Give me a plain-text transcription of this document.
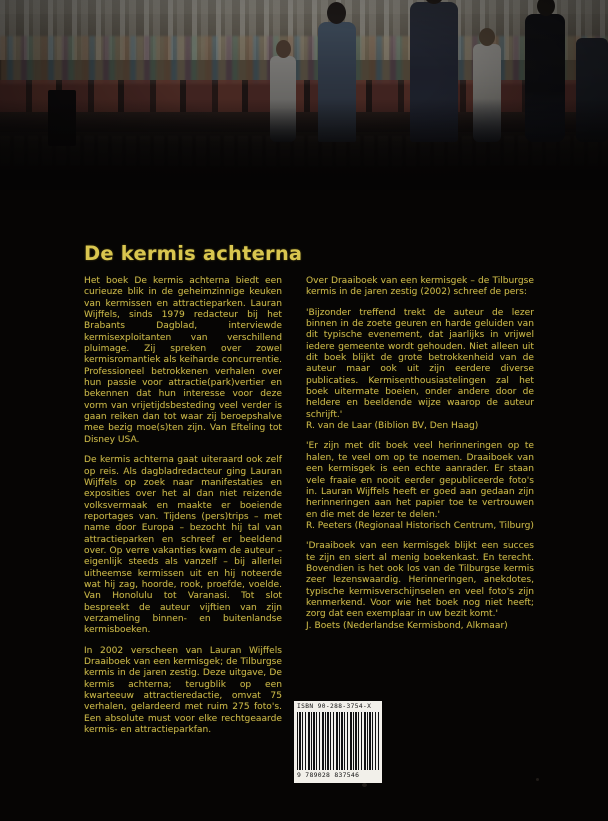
De kermis achterna

Het boek De kermis achterna biedt een curieuze blik in de geheimzinnige keuken van kermissen en attractieparken. Lauran Wijffels, sinds 1979 redacteur bij het Brabants Dagblad, interviewde kermisexploitanten van verschillend pluimage. Zij spreken over zowel kermisromantiek als keiharde concurrentie. Professioneel betrokkenen verhalen over hun passie voor attractie(park)vertier en bekennen dat hun interesse voor deze vorm van vrijetijdsbesteding veel verder is gaan reiken dan tot waar zij beroepshalve mee bezig moe(s)ten zijn. Van Efteling tot Disney USA.

De kermis achterna gaat uiteraard ook zelf op reis. Als dagbladredacteur ging Lauran Wijffels op zoek naar manifestaties en exposities over het al dan niet reizende volksvermaak en maakte er boeiende reportages van. Tijdens (pers)trips – met name door Europa – bezocht hij tal van attractieparken en schreef er beeldend over. Op verre vakanties kwam de auteur – eigenlijk steeds als vanzelf – bij allerlei uitheemse kermissen uit en hij noteerde wat hij zag, hoorde, rook, proefde, voelde. Van Honolulu tot Varanasi. Tot slot bespreekt de auteur vijftien van zijn verzameling binnen- en buitenlandse kermisboeken.

In 2002 verscheen van Lauran Wijffels Draaiboek van een kermisgek; de Tilburgse kermis in de jaren zestig. Deze uitgave, De kermis achterna; terugblik op een kwarteeuw attractieredactie, omvat 75 verhalen, gelardeerd met ruim 275 foto's. Een absolute must voor elke rechtgeaarde kermis- en attractieparkfan.

Over Draaiboek van een kermisgek – de Tilburgse kermis in de jaren zestig (2002) schreef de pers:

'Bijzonder treffend trekt de auteur de lezer binnen in de zoete geuren en harde geluiden van dit typische evenement, dat jaarlijks in vrijwel iedere gemeente wordt gehouden. Niet alleen uit dit boek blijkt de grote betrokkenheid van de auteur maar ook uit zijn eerdere diverse publicaties. Kermisenthousiastelingen zal het boek uitermate boeien, onder andere door de heldere en beeldende wijze waarop de auteur schrijft.'

R. van de Laar (Biblion BV, Den Haag)

'Er zijn met dit boek veel herinneringen op te halen, te veel om op te noemen. Draaiboek van een kermisgek is een echte aanrader. Er staan vele fraaie en nooit eerder gepubliceerde foto's in. Lauran Wijffels heeft er goed aan gedaan zijn herinneringen aan het papier toe te vertrouwen en die met de lezer te delen.'

R. Peeters (Regionaal Historisch Centrum, Tilburg)

'Draaiboek van een kermisgek blijkt een succes te zijn en siert al menig boekenkast. En terecht. Bovendien is het ook los van de Tilburgse kermis zeer lezenswaardig. Herinneringen, anekdotes, typische kermisverschijnselen en veel foto's zijn kenmerkend. Voor wie het boek nog niet heeft; zorg dat een exemplaar in uw bezit komt.'

J. Boets (Nederlandse Kermisbond, Alkmaar)

ISBN 90-288-3754-X
9 789028 837546
